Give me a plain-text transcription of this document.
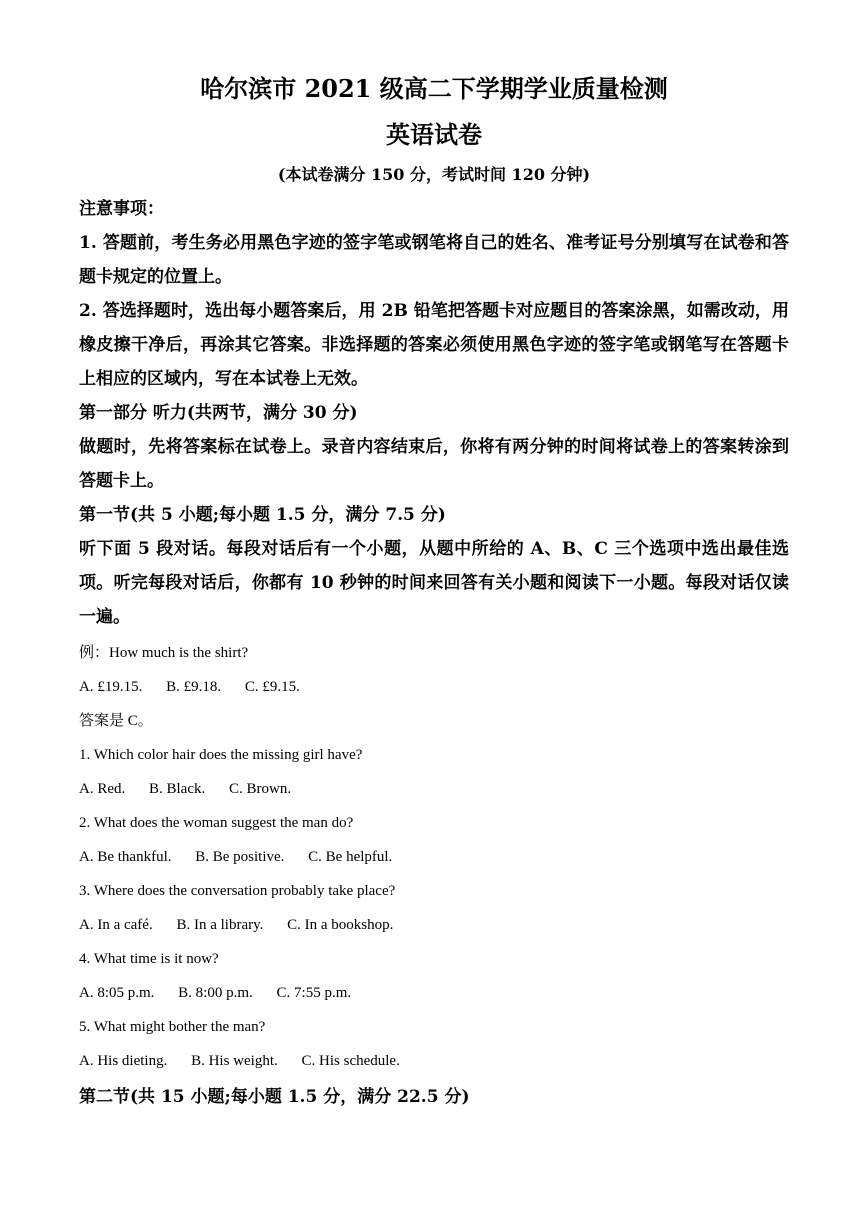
哈尔滨市 2021 级高二下学期学业质量检测
英语试卷
(本试卷满分 150 分，考试时间 120 分钟)

注意事项：

1. 答题前，考生务必用黑色字迹的签字笔或钢笔将自己的姓名、准考证号分别填写在试卷和答题卡规定的位置上。

2. 答选择题时，选出每小题答案后，用 2B 铅笔把答题卡对应题目的答案涂黑，如需改动，用橡皮擦干净后，再涂其它答案。非选择题的答案必须使用黑色字迹的签字笔或钢笔写在答题卡上相应的区域内，写在本试卷上无效。

第一部分 听力(共两节，满分 30 分)

做题时，先将答案标在试卷上。录音内容结束后，你将有两分钟的时间将试卷上的答案转涂到答题卡上。

第一节(共 5 小题;每小题 1.5 分，满分 7.5 分)

听下面 5 段对话。每段对话后有一个小题，从题中所给的 A、B、C 三个选项中选出最佳选项。听完每段对话后，你都有 10 秒钟的时间来回答有关小题和阅读下一小题。每段对话仅读一遍。

例：How much is the shirt?

A. £19.15. B. £9.18. C. £9.15.

答案是 C。

1. Which color hair does the missing girl have?

A. Red. B. Black. C. Brown.

2. What does the woman suggest the man do?

A. Be thankful. B. Be positive. C. Be helpful.

3. Where does the conversation probably take place?

A. In a café. B. In a library. C. In a bookshop.

4. What time is it now?

A. 8:05 p.m. B. 8:00 p.m. C. 7:55 p.m.

5. What might bother the man?

A. His dieting. B. His weight. C. His schedule.

第二节(共 15 小题;每小题 1.5 分，满分 22.5 分)
